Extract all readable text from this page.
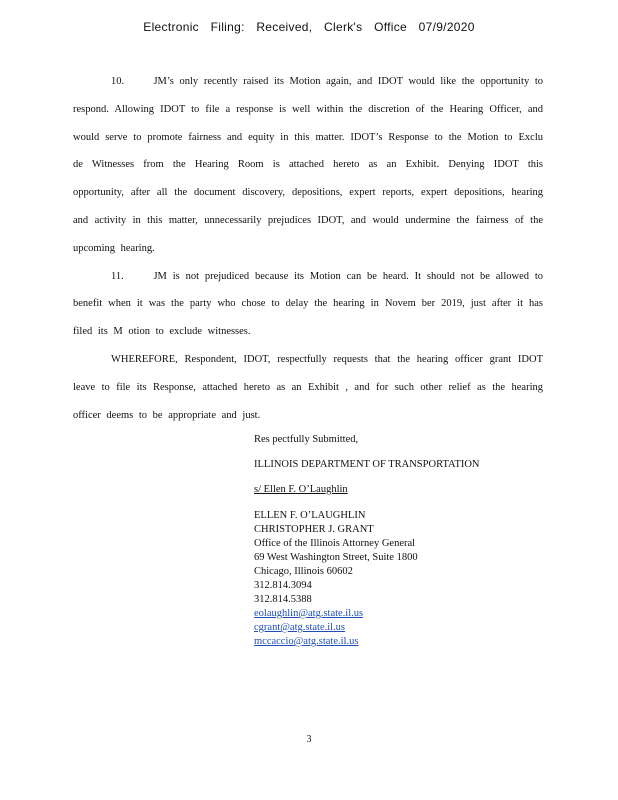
Electronic Filing: Received, Clerk's Office 07/9/2020

10.	JM’s only recently raised its Motion again, and IDOT would like the opportunity to respond. Allowing IDOT to file a response is well within the discretion of the Hearing Officer, and would serve to promote fairness and equity in this matter. IDOT’s Response to the Motion to Exclu de Witnesses from the Hearing Room is attached hereto as an Exhibit. Denying IDOT this opportunity, after all the document discovery, depositions, expert reports, expert depositions, hearing and activity in this matter, unnecessarily prejudices IDOT, and would undermine the fairness of the upcoming hearing.

11.	JM is not prejudiced because its Motion can be heard. It should not be allowed to benefit when it was the party who chose to delay the hearing in Novem ber 2019, just after it has filed its M otion to exclude witnesses.

WHEREFORE, Respondent, IDOT, respectfully requests that the hearing officer grant IDOT leave to file its Response, attached hereto as an Exhibit , and for such other relief as the hearing officer deems to be appropriate and just.

Res pectfully Submitted,
ILLINOIS DEPARTMENT OF TRANSPORTATION
s/ Ellen F. O’Laughlin
ELLEN F. O’LAUGHLIN
CHRISTOPHER J. GRANT
Office of the Illinois Attorney General
69 West Washington Street, Suite 1800
Chicago, Illinois 60602
312.814.3094
312.814.5388
eolaughlin@atg.state.il.us
cgrant@atg.state.il.us
mccaccio@atg.state.il.us
3
